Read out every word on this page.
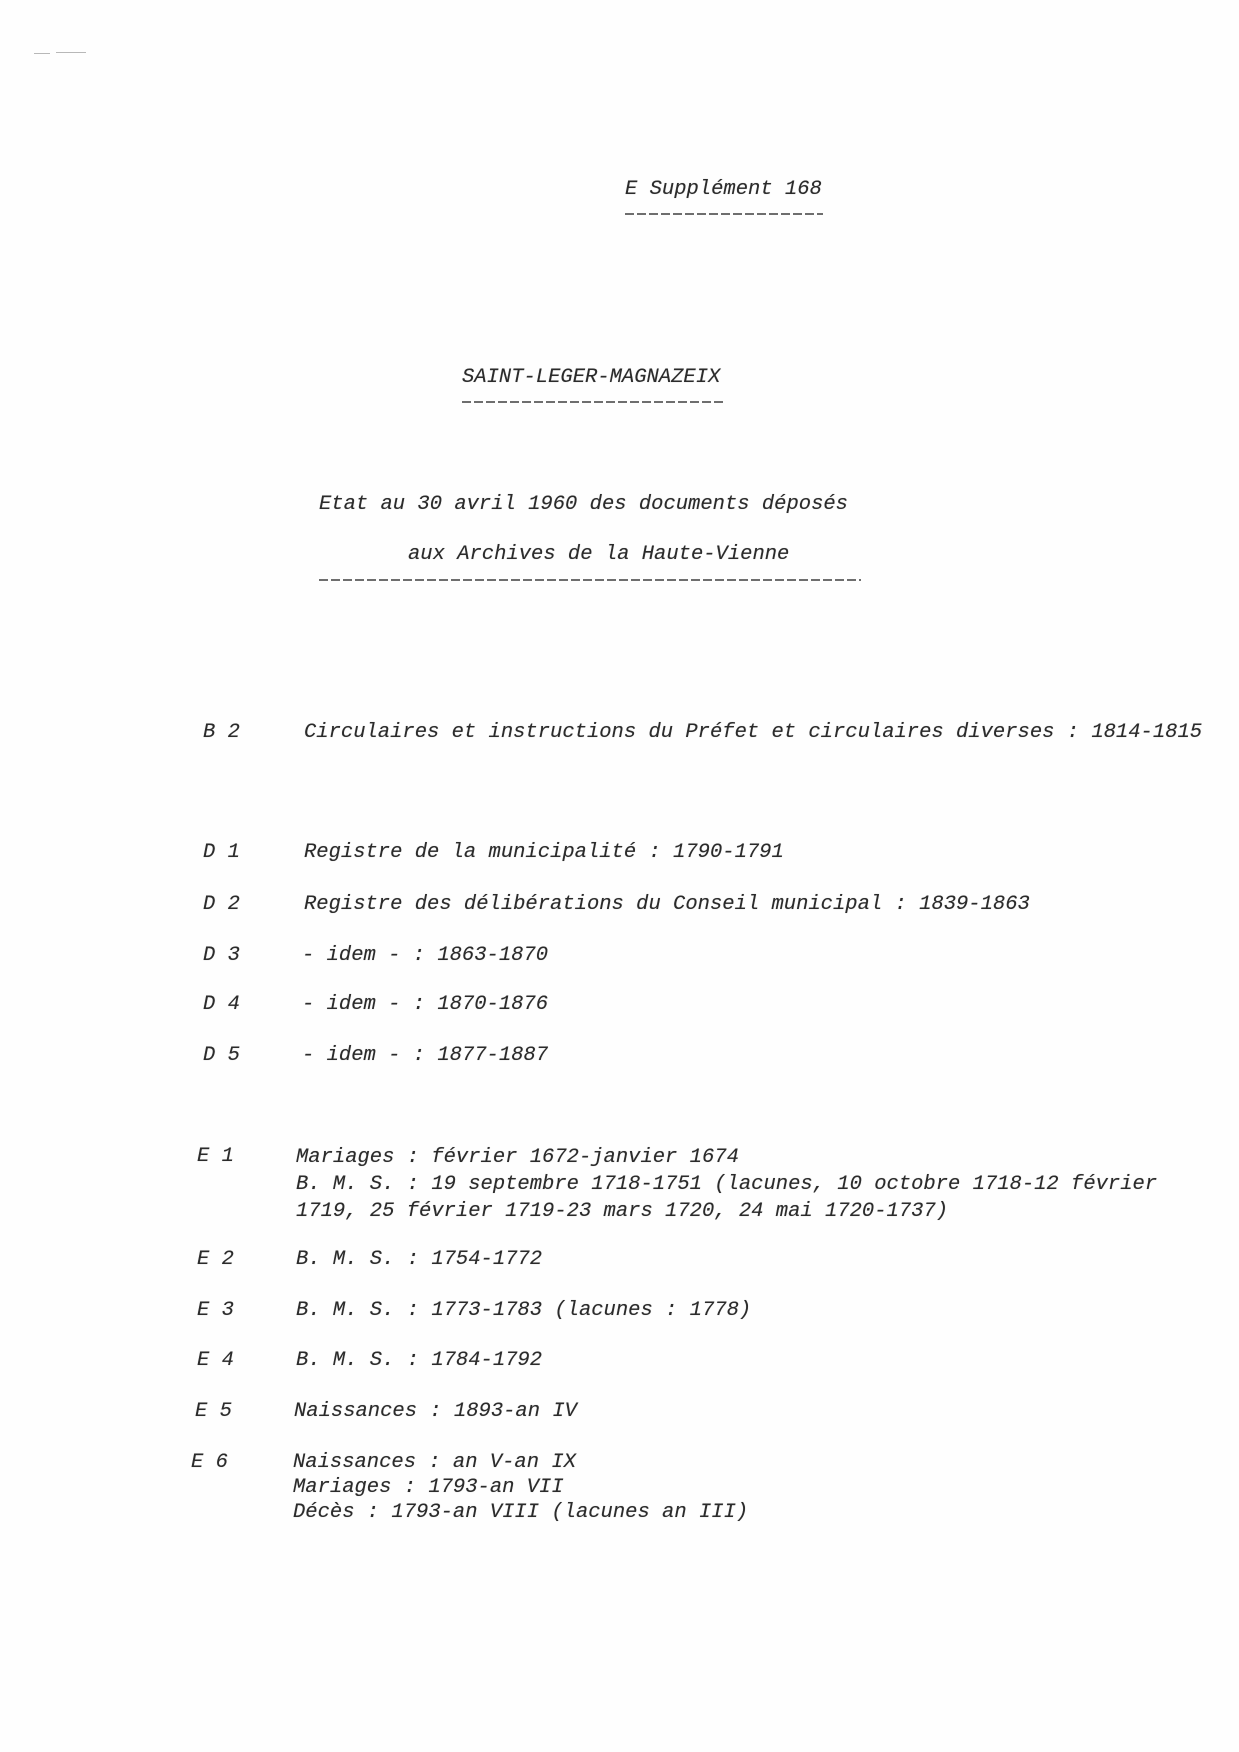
E Supplément 168
SAINT-LEGER-MAGNAZEIX
Etat au 30 avril 1960 des documents déposés
aux Archives de la Haute-Vienne
B 2	Circulaires et instructions du Préfet et circulaires diverses : 1814-1815
D 1	Registre de la municipalité : 1790-1791
D 2	Registre des délibérations du Conseil municipal : 1839-1863
D 3	- idem - : 1863-1870
D 4	- idem - : 1870-1876
D 5	- idem - : 1877-1887
E 1	Mariages : février 1672-janvier 1674
B. M. S. : 19 septembre 1718-1751 (lacunes, 10 octobre 1718-12 février
1719, 25 février 1719-23 mars 1720, 24 mai 1720-1737)
E 2	B. M. S. : 1754-1772
E 3	B. M. S. : 1773-1783 (lacunes : 1778)
E 4	B. M. S. : 1784-1792
E 5	Naissances : 1893-an IV
E 6	Naissances : an V-an IX
Mariages : 1793-an VII
Décès : 1793-an VIII (lacunes an III)
